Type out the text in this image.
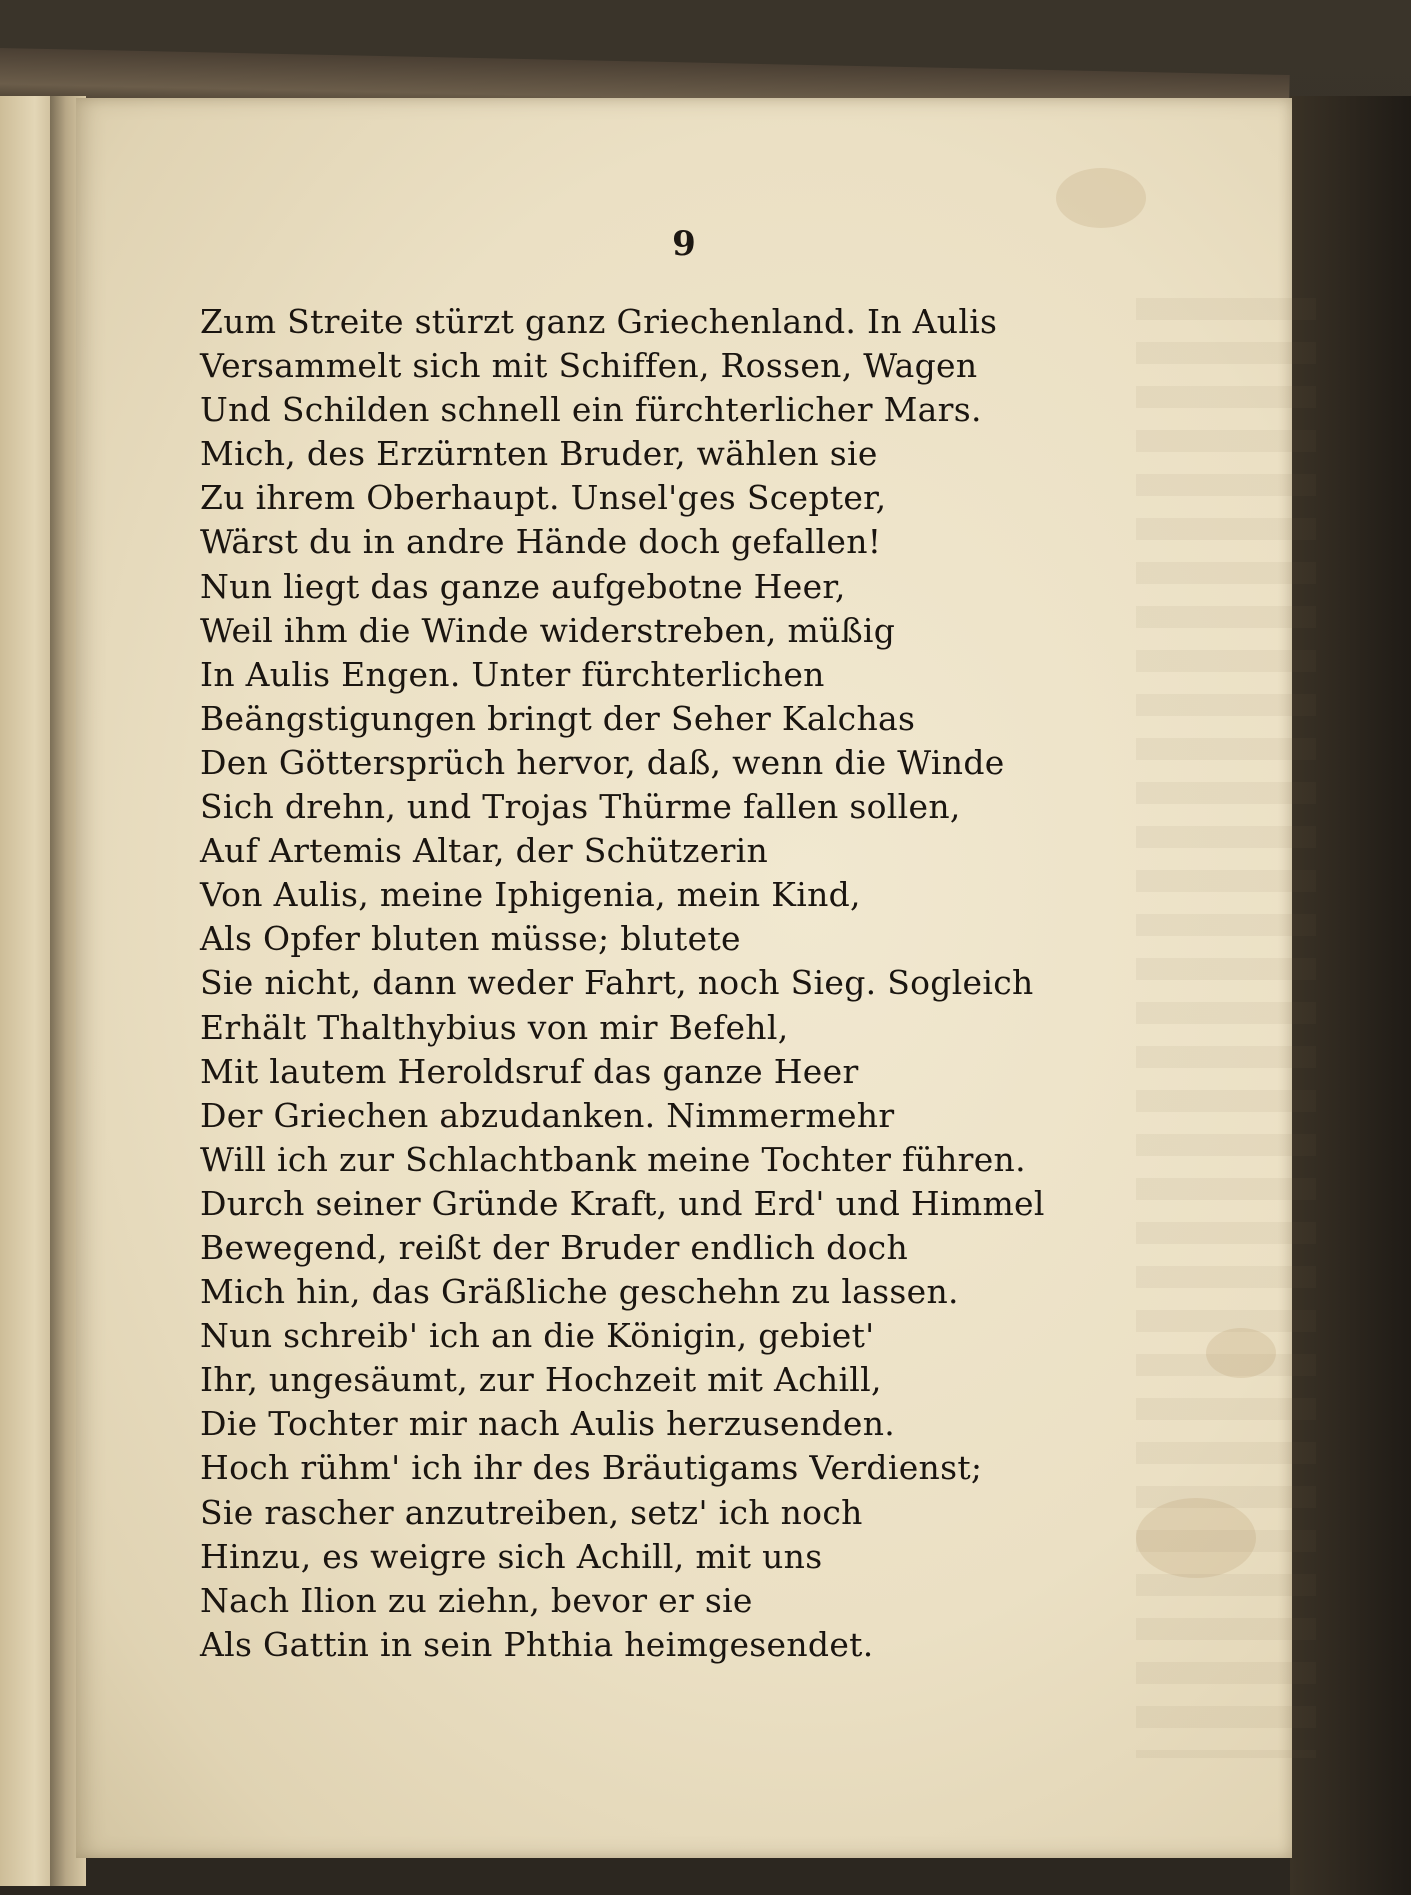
9
Zum Streite stürzt ganz Griechenland. In Aulis
Versammelt sich mit Schiffen, Rossen, Wagen
Und Schilden schnell ein fürchterlicher Mars.
Mich, des Erzürnten Bruder, wählen sie
Zu ihrem Oberhaupt. Unsel'ges Scepter,
Wärst du in andre Hände doch gefallen!
Nun liegt das ganze aufgebotne Heer,
Weil ihm die Winde widerstreben, müßig
In Aulis Engen. Unter fürchterlichen
Beängstigungen bringt der Seher Kalchas
Den Göttersprüch hervor, daß, wenn die Winde
Sich drehn, und Trojas Thürme fallen sollen,
Auf Artemis Altar, der Schützerin
Von Aulis, meine Iphigenia, mein Kind,
Als Opfer bluten müsse; blutete
Sie nicht, dann weder Fahrt, noch Sieg. Sogleich
Erhält Thalthybius von mir Befehl,
Mit lautem Heroldsruf das ganze Heer
Der Griechen abzudanken. Nimmermehr
Will ich zur Schlachtbank meine Tochter führen.
Durch seiner Gründe Kraft, und Erd' und Himmel
Bewegend, reißt der Bruder endlich doch
Mich hin, das Gräßliche geschehn zu lassen.
Nun schreib' ich an die Königin, gebiet'
Ihr, ungesäumt, zur Hochzeit mit Achill,
Die Tochter mir nach Aulis herzusenden.
Hoch rühm' ich ihr des Bräutigams Verdienst;
Sie rascher anzutreiben, setz' ich noch
Hinzu, es weigre sich Achill, mit uns
Nach Ilion zu ziehn, bevor er sie
Als Gattin in sein Phthia heimgesendet.
